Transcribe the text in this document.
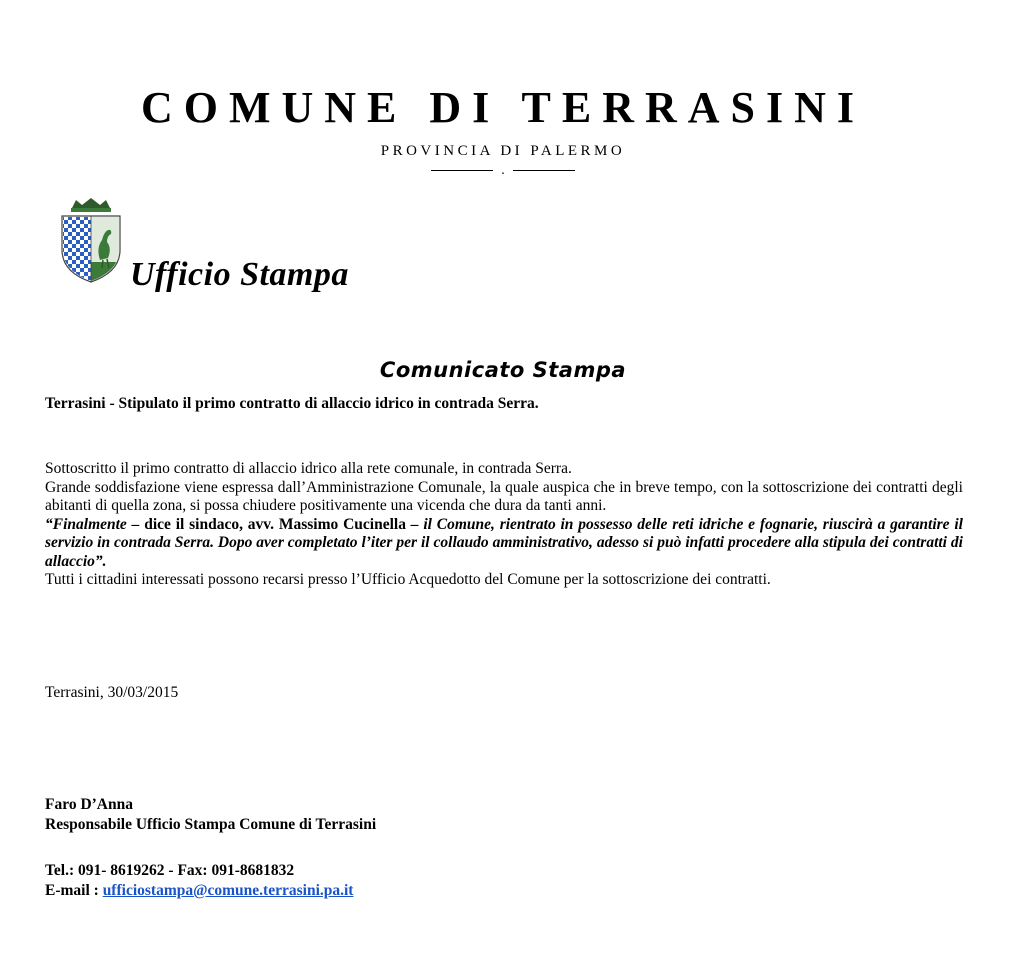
COMUNE DI TERRASINI
PROVINCIA DI PALERMO
.
Ufficio Stampa
Comunicato Stampa
Terrasini - Stipulato il primo contratto di allaccio idrico in contrada Serra.

Sottoscritto il primo contratto di allaccio idrico alla rete comunale, in contrada Serra.

Grande soddisfazione viene espressa dall’Amministrazione Comunale, la quale auspica che in breve tempo, con la sottoscrizione dei contratti degli abitanti di quella zona, si possa chiudere positivamente una vicenda che dura da tanti anni.

“Finalmente – dice il sindaco, avv. Massimo Cucinella – il Comune, rientrato in possesso delle reti idriche e fognarie, riuscirà a garantire il servizio in contrada Serra. Dopo aver completato l’iter per il collaudo amministrativo, adesso si può infatti procedere alla stipula dei contratti di allaccio”.

Tutti i cittadini interessati possono recarsi presso l’Ufficio Acquedotto del Comune per la sottoscrizione dei contratti.

Terrasini, 30/03/2015
Faro D’Anna
Responsabile Ufficio Stampa Comune di Terrasini
Tel.: 091- 8619262 - Fax: 091-8681832
E-mail : ufficiostampa@comune.terrasini.pa.it
